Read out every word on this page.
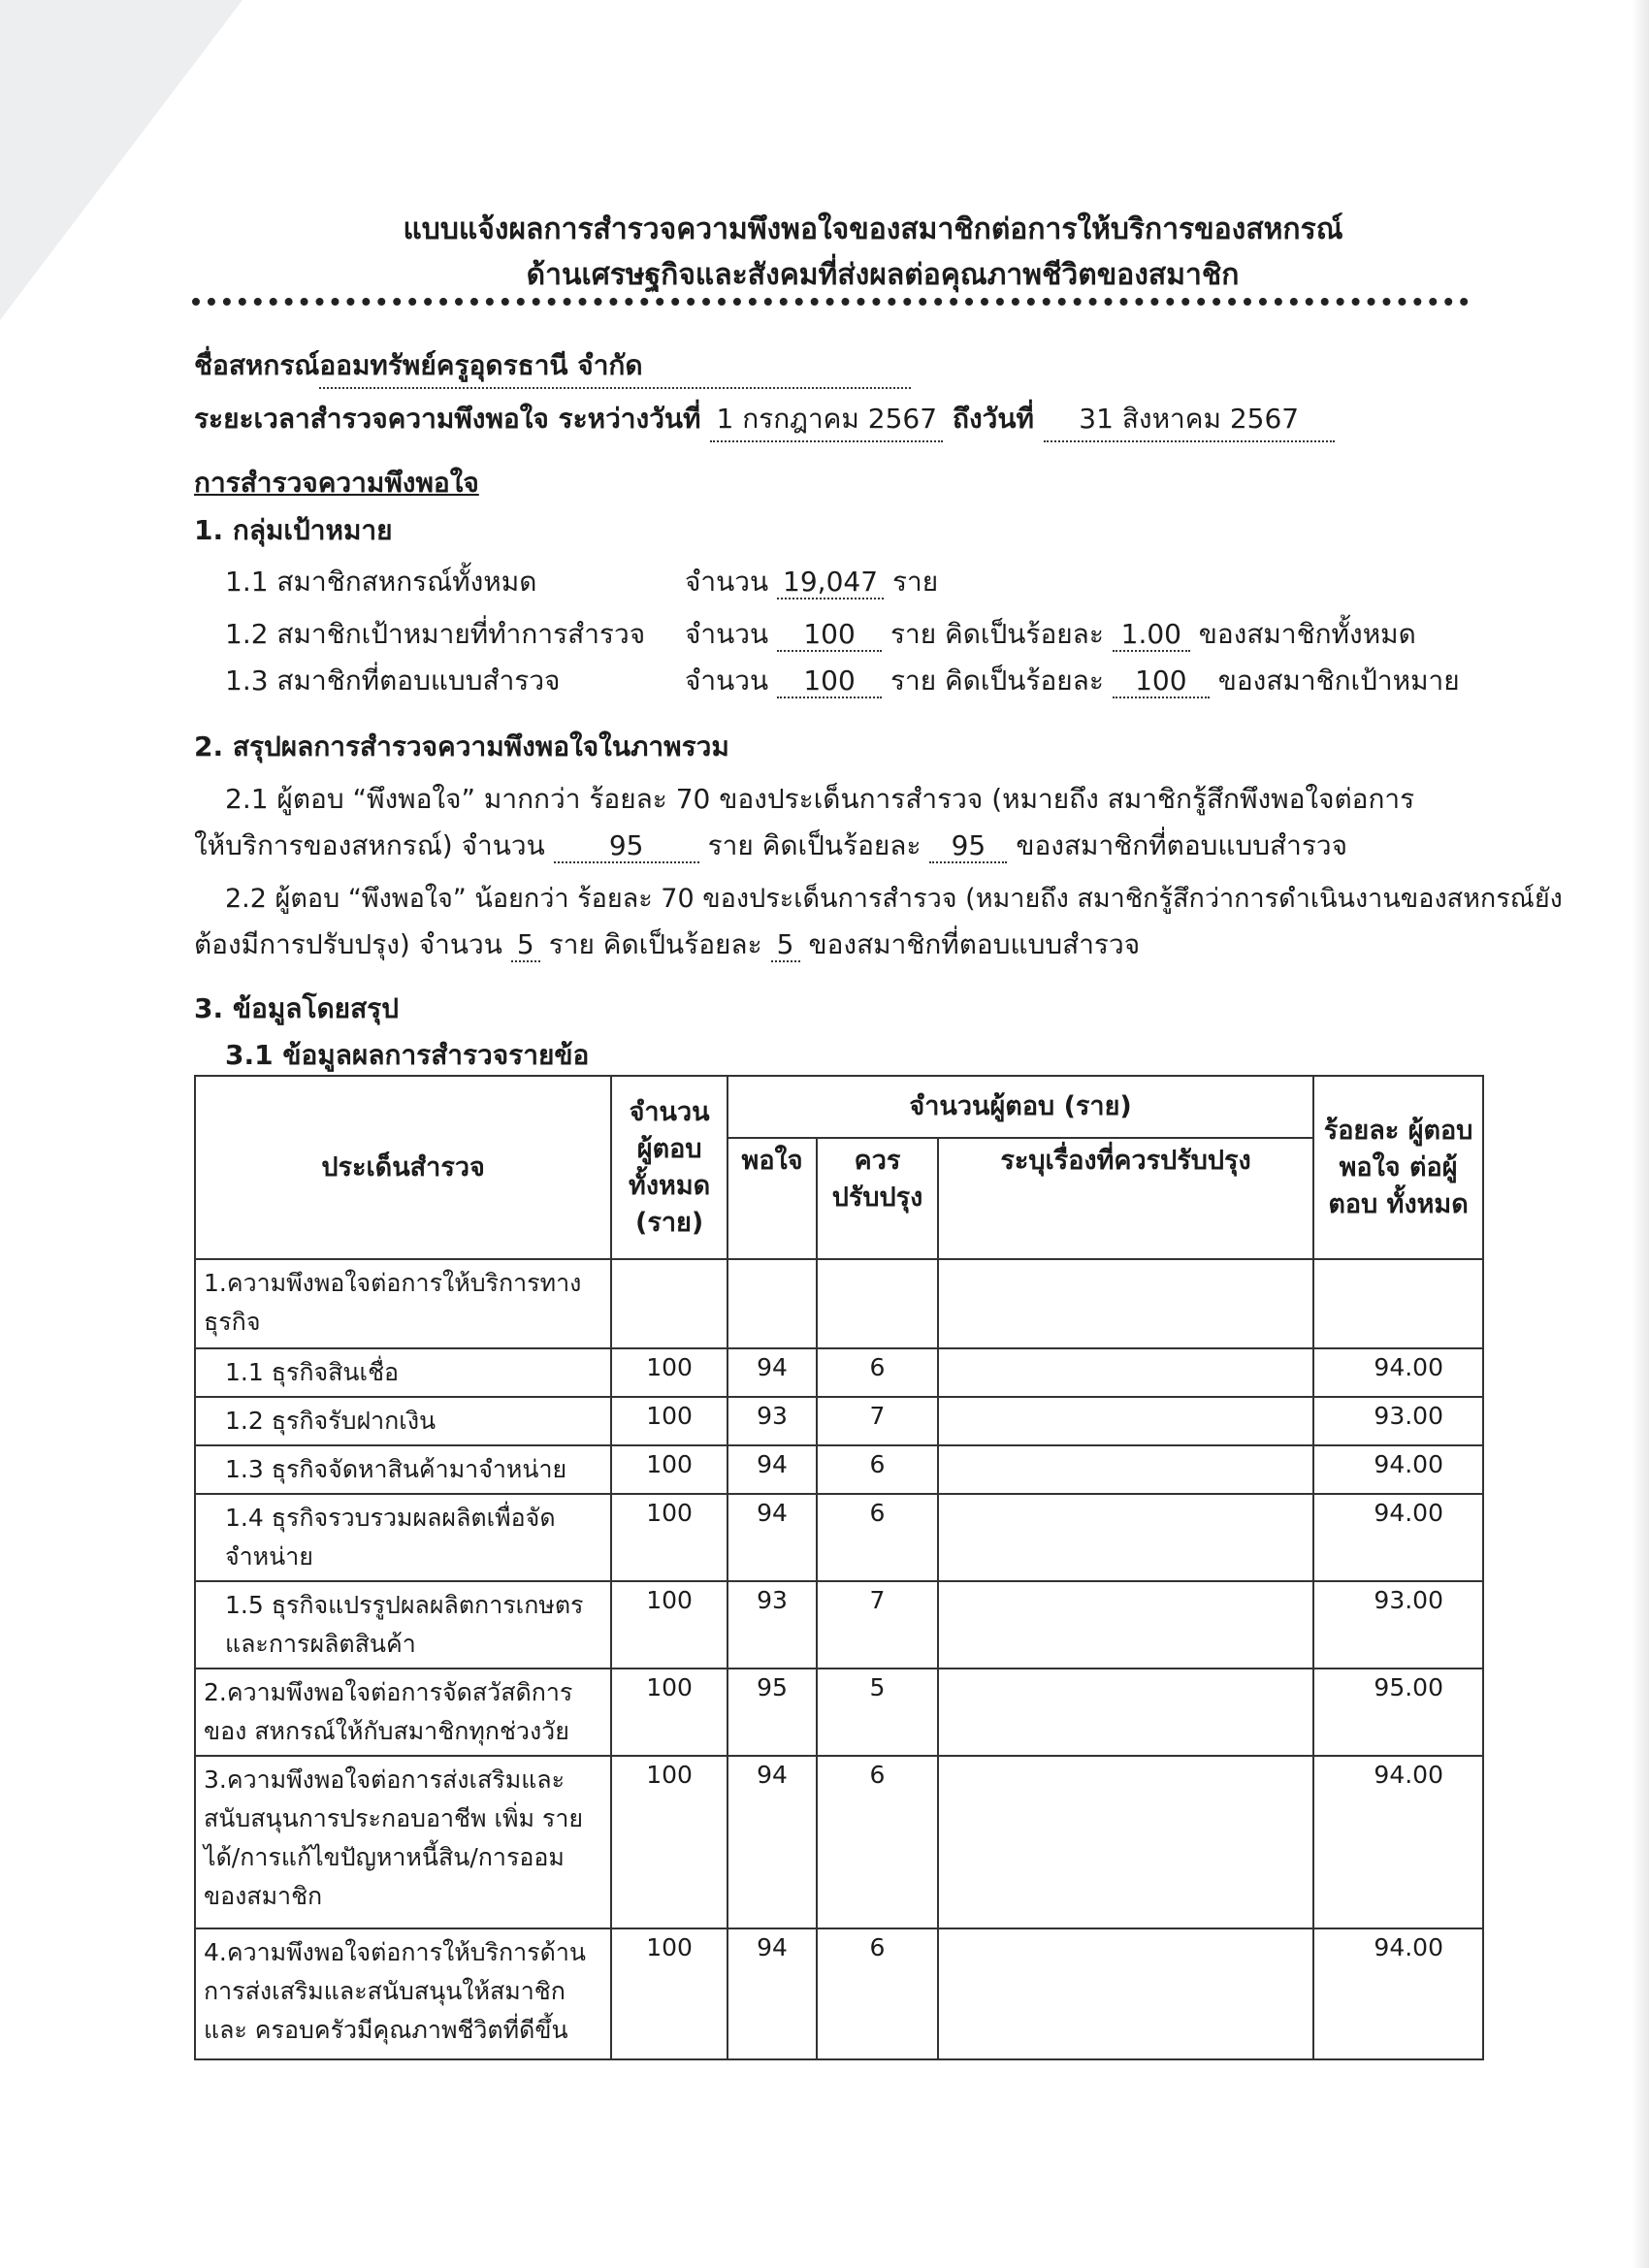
แบบแจ้งผลการสำรวจความพึงพอใจของสมาชิกต่อการให้บริการของสหกรณ์
ด้านเศรษฐกิจและสังคมที่ส่งผลต่อคุณภาพชีวิตของสมาชิก
ชื่อสหกรณ์ออมทรัพย์ครูอุดรธานี จำกัด
ระยะเวลาสำรวจความพึงพอใจ ระหว่างวันที่ 1 กรกฎาคม 2567 ถึงวันที่ 31 สิงหาคม 2567
การสำรวจความพึงพอใจ
1. กลุ่มเป้าหมาย
1.1 สมาชิกสหกรณ์ทั้งหมด	จำนวน 19,047 ราย
1.2 สมาชิกเป้าหมายที่ทำการสำรวจ จำนวน 100 ราย คิดเป็นร้อยละ 1.00 ของสมาชิกทั้งหมด
1.3 สมาชิกที่ตอบแบบสำรวจ	จำนวน 100 ราย คิดเป็นร้อยละ 100 ของสมาชิกเป้าหมาย
2. สรุปผลการสำรวจความพึงพอใจในภาพรวม
2.1 ผู้ตอบ “พึงพอใจ” มากกว่า ร้อยละ 70 ของประเด็นการสำรวจ (หมายถึง สมาชิกรู้สึกพึงพอใจต่อการ
ให้บริการของสหกรณ์) จำนวน 95 ราย คิดเป็นร้อยละ 95 ของสมาชิกที่ตอบแบบสำรวจ
2.2 ผู้ตอบ “พึงพอใจ” น้อยกว่า ร้อยละ 70 ของประเด็นการสำรวจ (หมายถึง สมาชิกรู้สึกว่าการดำเนินงานของสหกรณ์ยัง
ต้องมีการปรับปรุง) จำนวน 5 ราย คิดเป็นร้อยละ 5 ของสมาชิกที่ตอบแบบสำรวจ
3. ข้อมูลโดยสรุป
3.1 ข้อมูลผลการสำรวจรายข้อ
ประเด็นสำรวจ	จำนวน ผู้ตอบ ทั้งหมด (ราย)	จำนวนผู้ตอบ (ราย)			ร้อยละ ผู้ตอบพอใจ ต่อผู้ตอบ ทั้งหมด
		พอใจ	ควร ปรับปรุง	ระบุเรื่องที่ควรปรับปรุง	
1.ความพึงพอใจต่อการให้บริการทาง ธุรกิจ					
1.1 ธุรกิจสินเชื่อ	100	94	6		94.00
1.2 ธุรกิจรับฝากเงิน	100	93	7		93.00
1.3 ธุรกิจจัดหาสินค้ามาจำหน่าย	100	94	6		94.00
1.4 ธุรกิจรวบรวมผลผลิตเพื่อจัด จำหน่าย	100	94	6		94.00
1.5 ธุรกิจแปรรูปผลผลิตการเกษตร และการผลิตสินค้า	100	93	7		93.00
2.ความพึงพอใจต่อการจัดสวัสดิการของ สหกรณ์ให้กับสมาชิกทุกช่วงวัย	100	95	5		95.00
3.ความพึงพอใจต่อการส่งเสริมและ สนับสนุนการประกอบอาชีพ เพิ่ม รายได้/การแก้ไขปัญหาหนี้สิน/การออม ของสมาชิก	100	94	6		94.00
4.ความพึงพอใจต่อการให้บริการด้าน การส่งเสริมและสนับสนุนให้สมาชิกและ ครอบครัวมีคุณภาพชีวิตที่ดีขึ้น	100	94	6		94.00
